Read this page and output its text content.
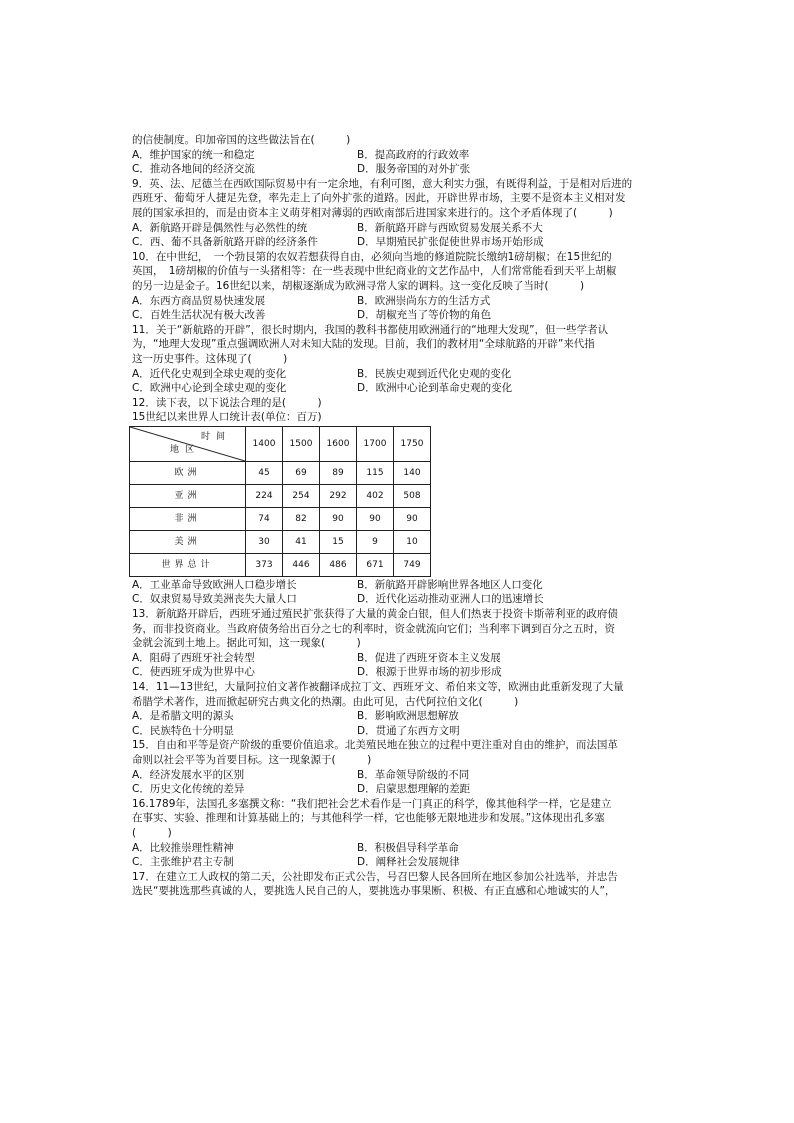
的信使制度。印加帝国的这些做法旨在(　　　)
A．维护国家的统一和稳定	B．提高政府的行政效率
C．推动各地间的经济交流	D．服务帝国的对外扩张
9．英、法、尼德兰在西欧国际贸易中有一定余地，有利可图，意大利实力强，有既得利益，于是相对后进的
西班牙、葡萄牙人捷足先登，率先走上了向外扩张的道路。因此，开辟世界市场，主要不是资本主义相对发
展的国家承担的，而是由资本主义萌芽相对薄弱的西欧南部后进国家来进行的。这个矛盾体现了(　　　)
A．新航路开辟是偶然性与必然性的统	B．新航路开辟与西欧贸易发展关系不大
C．西、葡不具备新航路开辟的经济条件	D．早期殖民扩张促使世界市场开始形成
10．在中世纪，　一个勃艮第的农奴若想获得自由，必须向当地的修道院院长缴纳1磅胡椒；在15世纪的
英国，　1磅胡椒的价值与一头猪相等：在一些表现中世纪商业的文艺作品中，人们常常能看到天平上胡椒
的另一边是金子。16世纪以来，胡椒逐渐成为欧洲寻常人家的调料。这一变化反映了当时(　　　)
A．东西方商品贸易快速发展	B．欧洲崇尚东方的生活方式
C．百姓生活状况有极大改善	D．胡椒充当了等价物的角色
11．关于“新航路的开辟”，很长时期内，我国的教科书都使用欧洲通行的“地理大发现”，但一些学者认
为，“地理大发现”重点强调欧洲人对未知大陆的发现。目前，我们的教材用“全球航路的开辟”来代指
这一历史事件。这体现了(　　　)
A．近代化史观到全球史观的变化	B．民族史观到近代化史观的变化
C．欧洲中心论到全球史观的变化	D．欧洲中心论到革命史观的变化
12．读下表，以下说法合理的是(　　　)
15世纪以来世界人口统计表(单位：百万)
时间
地区	1400	1500	1600	1700	1750
欧洲	45	69	89	115	140
亚洲	224	254	292	402	508
非洲	74	82	90	90	90
美洲	30	41	15	9	10
世界总计	373	446	486	671	749
A．工业革命导致欧洲人口稳步增长	B．新航路开辟影响世界各地区人口变化
C．奴隶贸易导致美洲丧失大量人口	D．近代化运动推动亚洲人口的迅速增长
13．新航路开辟后，西班牙通过殖民扩张获得了大量的黄金白银，但人们热衷于投资卡斯蒂利亚的政府债
务，而非投资商业。当政府债务给出百分之七的利率时，资金就流向它们；当利率下调到百分之五时，资
金就会流到土地上。据此可知，这一现象(　　　)
A．阻碍了西班牙社会转型	B．促进了西班牙资本主义发展
C．使西班牙成为世界中心	D．根源于世界市场的初步形成
14．11—13世纪，大量阿拉伯文著作被翻译成拉丁文、西班牙文、希伯来文等，欧洲由此重新发现了大量
希腊学术著作，进而掀起研究古典文化的热潮。由此可见，古代阿拉伯文化(　　　)
A．是希腊文明的源头	B．影响欧洲思想解放
C．民族特色十分明显	D．贯通了东西方文明
15．自由和平等是资产阶级的重要价值追求。北美殖民地在独立的过程中更注重对自由的维护，而法国革
命则以社会平等为首要目标。这一现象源于(　　　)
A．经济发展水平的区别	B．革命领导阶级的不同
C．历史文化传统的差异	D．启蒙思想理解的差距
16.1789年，法国孔多塞撰文称：“我们把社会艺术看作是一门真正的科学，像其他科学一样，它是建立
在事实、实验、推理和计算基础上的；与其他科学一样，它也能够无限地进步和发展。”这体现出孔多塞
(　　　)
A．比较推崇理性精神	B．积极倡导科学革命
C．主张维护君主专制	D．阐释社会发展规律
17．在建立工人政权的第二天，公社即发布正式公告，号召巴黎人民各回所在地区参加公社选举，并忠告
选民“要挑选那些真诚的人，要挑选人民自己的人，要挑选办事果断、积极、有正直感和心地诚实的人”，
